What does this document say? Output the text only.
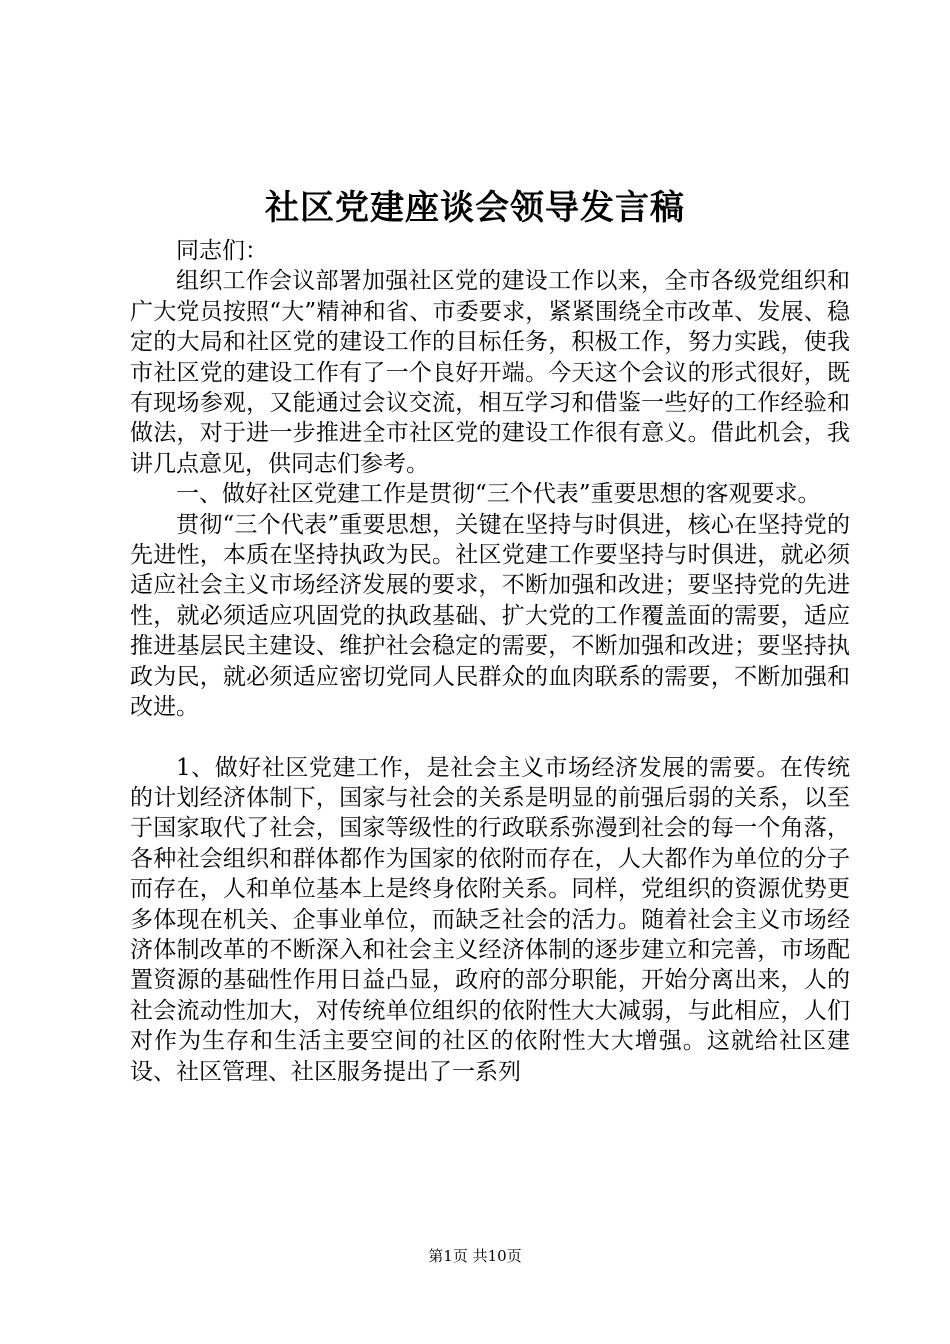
社区党建座谈会领导发言稿

同志们：

组织工作会议部署加强社区党的建设工作以来，全市各级党组织和广大党员按照“大”精神和省、市委要求，紧紧围绕全市改革、发展、稳定的大局和社区党的建设工作的目标任务，积极工作，努力实践，使我市社区党的建设工作有了一个良好开端。今天这个会议的形式很好，既有现场参观，又能通过会议交流，相互学习和借鉴一些好的工作经验和做法，对于进一步推进全市社区党的建设工作很有意义。借此机会，我讲几点意见，供同志们参考。

一、做好社区党建工作是贯彻“三个代表”重要思想的客观要求。

贯彻“三个代表”重要思想，关键在坚持与时俱进，核心在坚持党的先进性，本质在坚持执政为民。社区党建工作要坚持与时俱进，就必须适应社会主义市场经济发展的要求，不断加强和改进；要坚持党的先进性，就必须适应巩固党的执政基础、扩大党的工作覆盖面的需要，适应推进基层民主建设、维护社会稳定的需要，不断加强和改进；要坚持执政为民，就必须适应密切党同人民群众的血肉联系的需要，不断加强和改进。

1、做好社区党建工作，是社会主义市场经济发展的需要。在传统的计划经济体制下，国家与社会的关系是明显的前强后弱的关系，以至于国家取代了社会，国家等级性的行政联系弥漫到社会的每一个角落，各种社会组织和群体都作为国家的依附而存在，人大都作为单位的分子而存在，人和单位基本上是终身依附关系。同样，党组织的资源优势更多体现在机关、企事业单位，而缺乏社会的活力。随着社会主义市场经济体制改革的不断深入和社会主义经济体制的逐步建立和完善，市场配置资源的基础性作用日益凸显，政府的部分职能，开始分离出来，人的社会流动性加大，对传统单位组织的依附性大大减弱，与此相应，人们对作为生存和生活主要空间的社区的依附性大大增强。这就给社区建设、社区管理、社区服务提出了一系列

第1页 共10页
